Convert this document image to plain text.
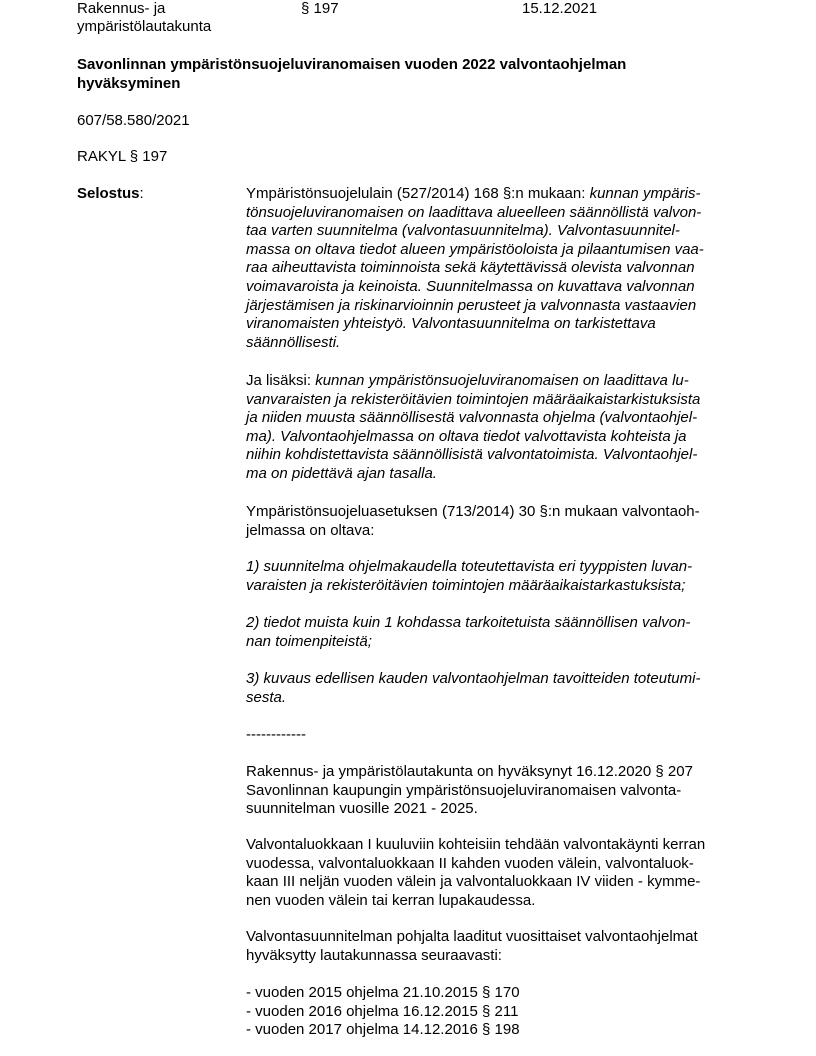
Rakennus- ja
ympäristölautakunta
§ 197	15.12.2021
Savonlinnan ympäristönsuojeluviranomaisen vuoden 2022 valvontaohjelman
hyväksyminen
607/58.580/2021
RAKYL § 197
Selostus:	Ympäristönsuojelulain (527/2014) 168 §:n mukaan: kunnan ympäris-
tönsuojeluviranomaisen on laadittava alueelleen säännöllistä valvon-
taa varten suunnitelma (valvontasuunnitelma). Valvontasuunnitel-
massa on oltava tiedot alueen ympäristöoloista ja pilaantumisen vaa-
raa aiheuttavista toiminnoista sekä käytettävissä olevista valvonnan
voimavaroista ja keinoista. Suunnitelmassa on kuvattava valvonnan
järjestämisen ja riskinarvioinnin perusteet ja valvonnasta vastaavien
viranomaisten yhteistyö. Valvontasuunnitelma on tarkistettava
säännöllisesti.
Ja lisäksi: kunnan ympäristönsuojeluviranomaisen on laadittava lu-
vanvaraisten ja rekisteröitävien toimintojen määräaikaistarkistuksista
ja niiden muusta säännöllisestä valvonnasta ohjelma (valvontaohjel-
ma). Valvontaohjelmassa on oltava tiedot valvottavista kohteista ja
niihin kohdistettavista säännöllisistä valvontatoimista. Valvontaohjel-
ma on pidettävä ajan tasalla.
Ympäristönsuojeluasetuksen (713/2014) 30 §:n mukaan valvontaoh-
jelmassa on oltava:
1) suunnitelma ohjelmakaudella toteutettavista eri tyyppisten luvan-
varaisten ja rekisteröitävien toimintojen määräaikaistarkastuksista;
2) tiedot muista kuin 1 kohdassa tarkoitetuista säännöllisen valvon-
nan toimenpiteistä;
3) kuvaus edellisen kauden valvontaohjelman tavoitteiden toteutumi-
sesta.
------------
Rakennus- ja ympäristölautakunta on hyväksynyt 16.12.2020 § 207
Savonlinnan kaupungin ympäristönsuojeluviranomaisen valvonta-
suunnitelman vuosille 2021 - 2025.
Valvontaluokkaan I kuuluviin kohteisiin tehdään valvontakäynti kerran
vuodessa, valvontaluokkaan II kahden vuoden välein, valvontaluok-
kaan III neljän vuoden välein ja valvontaluokkaan IV viiden - kymme-
nen vuoden välein tai kerran lupakaudessa.
Valvontasuunnitelman pohjalta laaditut vuosittaiset valvontaohjelmat
hyväksytty lautakunnassa seuraavasti:
- vuoden 2015 ohjelma 21.10.2015 § 170
- vuoden 2016 ohjelma 16.12.2015 § 211
- vuoden 2017 ohjelma 14.12.2016 § 198
